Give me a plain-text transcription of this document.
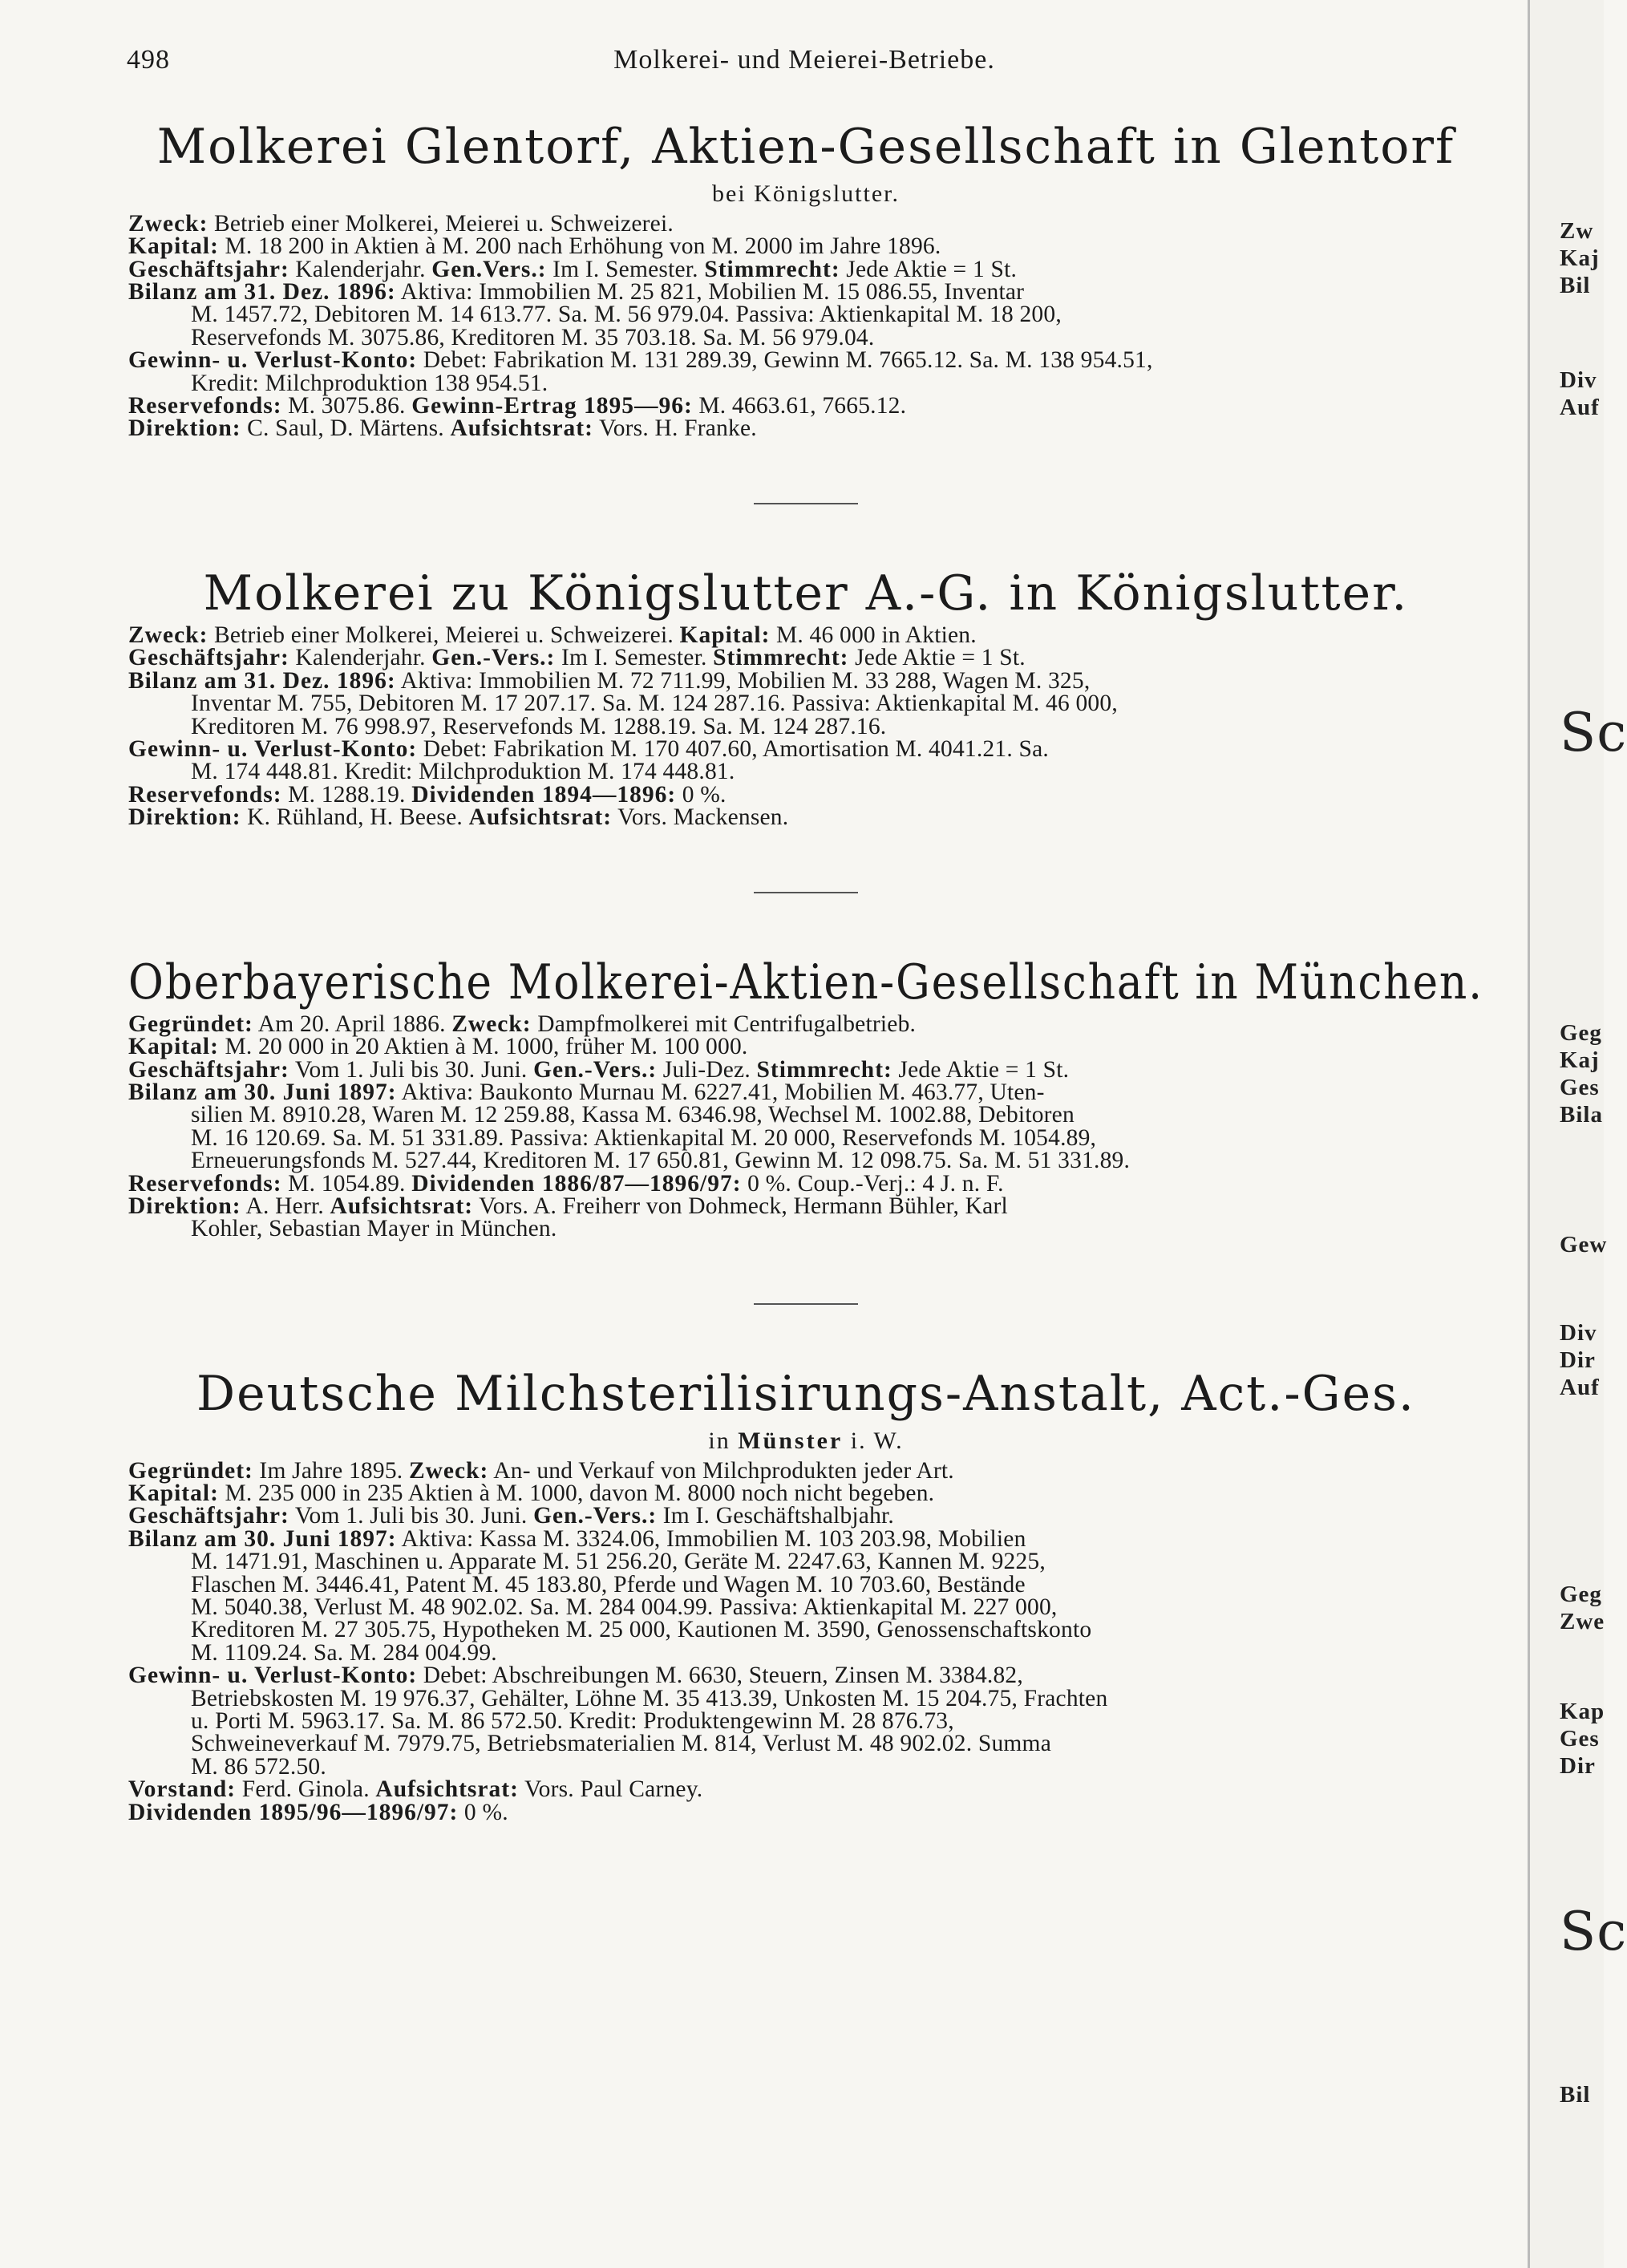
498	Molkerei- und Meierei-Betriebe.
Molkerei Glentorf, Aktien-Gesellschaft in Glentorf
bei Königslutter.
Zweck: Betrieb einer Molkerei, Meierei u. Schweizerei.
Kapital: M. 18 200 in Aktien à M. 200 nach Erhöhung von M. 2000 im Jahre 1896.
Geschäftsjahr: Kalenderjahr. Gen.Vers.: Im I. Semester. Stimmrecht: Jede Aktie = 1 St.
Bilanz am 31. Dez. 1896: Aktiva: Immobilien M. 25 821, Mobilien M. 15 086.55, Inventar
M. 1457.72, Debitoren M. 14 613.77. Sa. M. 56 979.04. Passiva: Aktienkapital M. 18 200,
Reservefonds M. 3075.86, Kreditoren M. 35 703.18. Sa. M. 56 979.04.
Gewinn- u. Verlust-Konto: Debet: Fabrikation M. 131 289.39, Gewinn M. 7665.12. Sa. M. 138 954.51,
Kredit: Milchproduktion 138 954.51.
Reservefonds: M. 3075.86. Gewinn-Ertrag 1895—96: M. 4663.61, 7665.12.
Direktion: C. Saul, D. Märtens. Aufsichtsrat: Vors. H. Franke.
Molkerei zu Königslutter A.-G. in Königslutter.
Zweck: Betrieb einer Molkerei, Meierei u. Schweizerei. Kapital: M. 46 000 in Aktien.
Geschäftsjahr: Kalenderjahr. Gen.-Vers.: Im I. Semester. Stimmrecht: Jede Aktie = 1 St.
Bilanz am 31. Dez. 1896: Aktiva: Immobilien M. 72 711.99, Mobilien M. 33 288, Wagen M. 325,
Inventar M. 755, Debitoren M. 17 207.17. Sa. M. 124 287.16. Passiva: Aktienkapital M. 46 000,
Kreditoren M. 76 998.97, Reservefonds M. 1288.19. Sa. M. 124 287.16.
Gewinn- u. Verlust-Konto: Debet: Fabrikation M. 170 407.60, Amortisation M. 4041.21. Sa.
M. 174 448.81. Kredit: Milchproduktion M. 174 448.81.
Reservefonds: M. 1288.19. Dividenden 1894—1896: 0 %.
Direktion: K. Rühland, H. Beese. Aufsichtsrat: Vors. Mackensen.
Oberbayerische Molkerei-Aktien-Gesellschaft in München.
Gegründet: Am 20. April 1886. Zweck: Dampfmolkerei mit Centrifugalbetrieb.
Kapital: M. 20 000 in 20 Aktien à M. 1000, früher M. 100 000.
Geschäftsjahr: Vom 1. Juli bis 30. Juni. Gen.-Vers.: Juli-Dez. Stimmrecht: Jede Aktie = 1 St.
Bilanz am 30. Juni 1897: Aktiva: Baukonto Murnau M. 6227.41, Mobilien M. 463.77, Uten-
silien M. 8910.28, Waren M. 12 259.88, Kassa M. 6346.98, Wechsel M. 1002.88, Debitoren
M. 16 120.69. Sa. M. 51 331.89. Passiva: Aktienkapital M. 20 000, Reservefonds M. 1054.89,
Erneuerungsfonds M. 527.44, Kreditoren M. 17 650.81, Gewinn M. 12 098.75. Sa. M. 51 331.89.
Reservefonds: M. 1054.89. Dividenden 1886/87—1896/97: 0 %. Coup.-Verj.: 4 J. n. F.
Direktion: A. Herr. Aufsichtsrat: Vors. A. Freiherr von Dohmeck, Hermann Bühler, Karl
Kohler, Sebastian Mayer in München.
Deutsche Milchsterilisirungs-Anstalt, Act.-Ges.
in Münster i. W.
Gegründet: Im Jahre 1895. Zweck: An- und Verkauf von Milchprodukten jeder Art.
Kapital: M. 235 000 in 235 Aktien à M. 1000, davon M. 8000 noch nicht begeben.
Geschäftsjahr: Vom 1. Juli bis 30. Juni. Gen.-Vers.: Im I. Geschäftshalbjahr.
Bilanz am 30. Juni 1897: Aktiva: Kassa M. 3324.06, Immobilien M. 103 203.98, Mobilien
M. 1471.91, Maschinen u. Apparate M. 51 256.20, Geräte M. 2247.63, Kannen M. 9225,
Flaschen M. 3446.41, Patent M. 45 183.80, Pferde und Wagen M. 10 703.60, Bestände
M. 5040.38, Verlust M. 48 902.02. Sa. M. 284 004.99. Passiva: Aktienkapital M. 227 000,
Kreditoren M. 27 305.75, Hypotheken M. 25 000, Kautionen M. 3590, Genossenschaftskonto
M. 1109.24. Sa. M. 284 004.99.
Gewinn- u. Verlust-Konto: Debet: Abschreibungen M. 6630, Steuern, Zinsen M. 3384.82,
Betriebskosten M. 19 976.37, Gehälter, Löhne M. 35 413.39, Unkosten M. 15 204.75, Frachten
u. Porti M. 5963.17. Sa. M. 86 572.50. Kredit: Produktengewinn M. 28 876.73,
Schweineverkauf M. 7979.75, Betriebsmaterialien M. 814, Verlust M. 48 902.02. Summa
M. 86 572.50.
Vorstand: Ferd. Ginola. Aufsichtsrat: Vors. Paul Carney.
Dividenden 1895/96—1896/97: 0 %.
Zw
Kaj
Bil
Div
Auf
Sc
Geg
Kaj
Ges
Bila
Gew
Div
Dir
Auf
Geg
Zwe
Kap
Ges
Dir
Sc
Bil
